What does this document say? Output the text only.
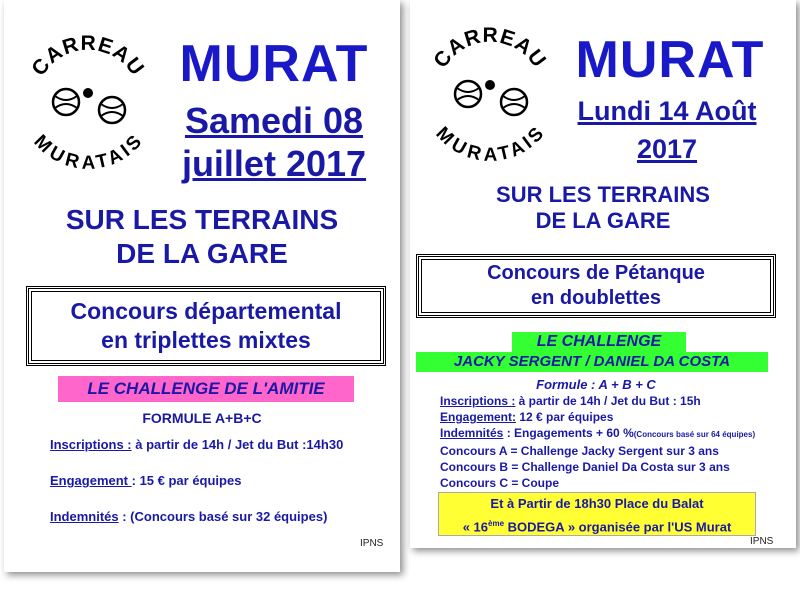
CARREAU
MURATAIS
MURAT
Samedi 08
juillet 2017
SUR LES TERRAINS
DE LA GARE
Concours départemental
en triplettes mixtes
LE CHALLENGE DE L'AMITIE
FORMULE A+B+C
Inscriptions : à partir de 14h / Jet du But :14h30
Engagement : 15 € par équipes
Indemnités : (Concours basé sur 32 équipes)
IPNS
CARREAU
MURATAIS
MURAT
Lundi 14 Août
2017
SUR LES TERRAINS
DE LA GARE
Concours de Pétanque
en doublettes
LE CHALLENGE
JACKY SERGENT / DANIEL DA COSTA
Formule : A + B + C
Inscriptions : à partir de 14h / Jet du But : 15h
Engagement: 12 € par équipes
Indemnités : Engagements + 60 %(Concours basé sur 64 équipes)
Concours A = Challenge Jacky Sergent sur 3 ans
Concours B = Challenge Daniel Da Costa sur 3 ans
Concours C = Coupe
Et à Partir de 18h30 Place du Balat
« 16ème BODEGA » organisée par l'US Murat
IPNS
